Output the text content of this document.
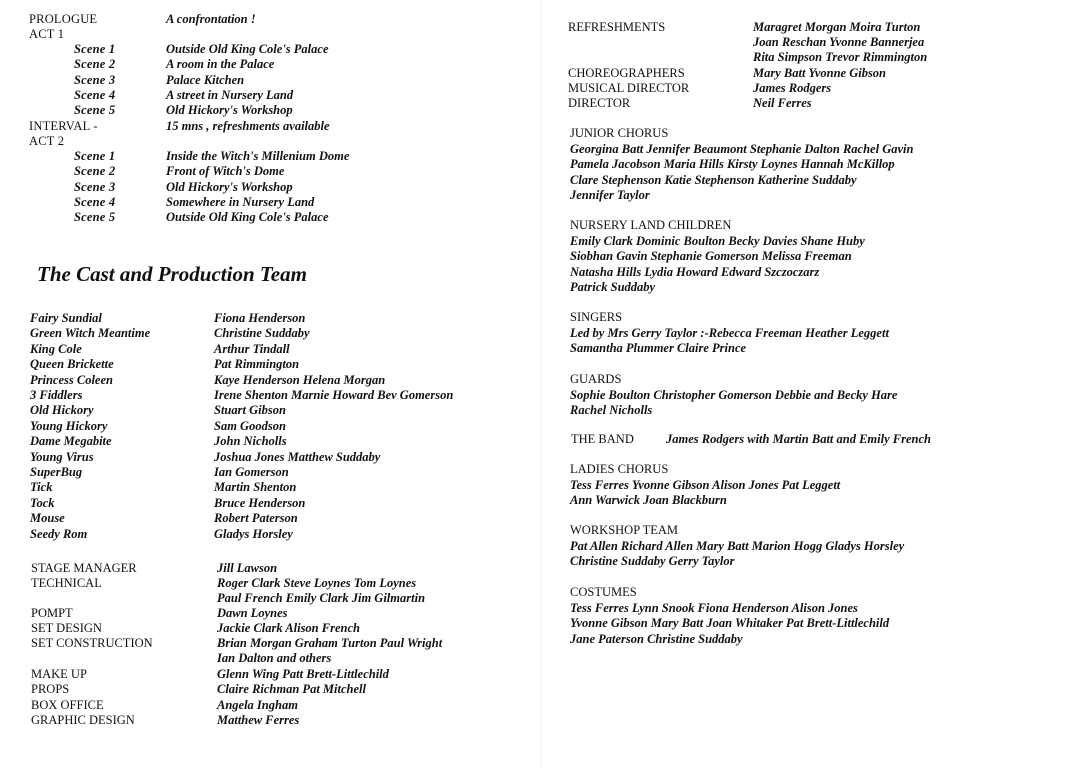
PROLOGUE	A confrontation !
ACT 1
Scene 1	Outside Old King Cole's Palace
Scene 2	A room in the Palace
Scene 3	Palace Kitchen
Scene 4	A street in Nursery Land
Scene 5	Old Hickory's Workshop
INTERVAL -	15 mns , refreshments available
ACT 2
Scene 1	Inside the Witch's Millenium Dome
Scene 2	Front of Witch's Dome
Scene 3	Old Hickory's Workshop
Scene 4	Somewhere in Nursery Land
Scene 5	Outside Old King Cole's Palace
The Cast and Production Team
Fairy Sundial	Fiona Henderson
Green Witch Meantime	Christine Suddaby
King Cole	Arthur Tindall
Queen Brickette	Pat Rimmington
Princess Coleen	Kaye Henderson Helena Morgan
3 Fiddlers	Irene Shenton Marnie Howard Bev Gomerson
Old Hickory	Stuart Gibson
Young Hickory	Sam Goodson
Dame Megabite	John Nicholls
Young Virus	Joshua Jones Matthew Suddaby
SuperBug	Ian Gomerson
Tick	Martin Shenton
Tock	Bruce Henderson
Mouse	Robert Paterson
Seedy Rom	Gladys Horsley
STAGE MANAGER	Jill Lawson
TECHNICAL	Roger Clark Steve Loynes Tom Loynes
Paul French Emily Clark Jim Gilmartin
POMPT	Dawn Loynes
SET DESIGN	Jackie Clark Alison French
SET CONSTRUCTION	Brian Morgan Graham Turton Paul Wright
Ian Dalton and others
MAKE UP	Glenn Wing Patt Brett-Littlechild
PROPS	Claire Richman Pat Mitchell
BOX OFFICE	Angela Ingham
GRAPHIC DESIGN	Matthew Ferres
REFRESHMENTS	Maragret Morgan Moira Turton
Joan Reschan Yvonne Bannerjea
Rita Simpson Trevor Rimmington
CHOREOGRAPHERS	Mary Batt Yvonne Gibson
MUSICAL DIRECTOR	James Rodgers
DIRECTOR	Neil Ferres
JUNIOR CHORUS
Georgina Batt Jennifer Beaumont Stephanie Dalton Rachel Gavin
Pamela Jacobson Maria Hills Kirsty Loynes Hannah McKillop
Clare Stephenson Katie Stephenson Katherine Suddaby
Jennifer Taylor
NURSERY LAND CHILDREN
Emily Clark Dominic Boulton Becky Davies Shane Huby
Siobhan Gavin Stephanie Gomerson Melissa Freeman
Natasha Hills Lydia Howard Edward Szczoczarz
Patrick Suddaby
SINGERS
Led by Mrs Gerry Taylor :-Rebecca Freeman Heather Leggett
Samantha Plummer Claire Prince
GUARDS
Sophie Boulton Christopher Gomerson Debbie and Becky Hare
Rachel Nicholls
THE BAND	James Rodgers with Martin Batt and Emily French
LADIES CHORUS
Tess Ferres Yvonne Gibson Alison Jones Pat Leggett
Ann Warwick Joan Blackburn
WORKSHOP TEAM
Pat Allen Richard Allen Mary Batt Marion Hogg Gladys Horsley
Christine Suddaby Gerry Taylor
COSTUMES
Tess Ferres Lynn Snook Fiona Henderson Alison Jones
Yvonne Gibson Mary Batt Joan Whitaker Pat Brett-Littlechild
Jane Paterson Christine Suddaby
